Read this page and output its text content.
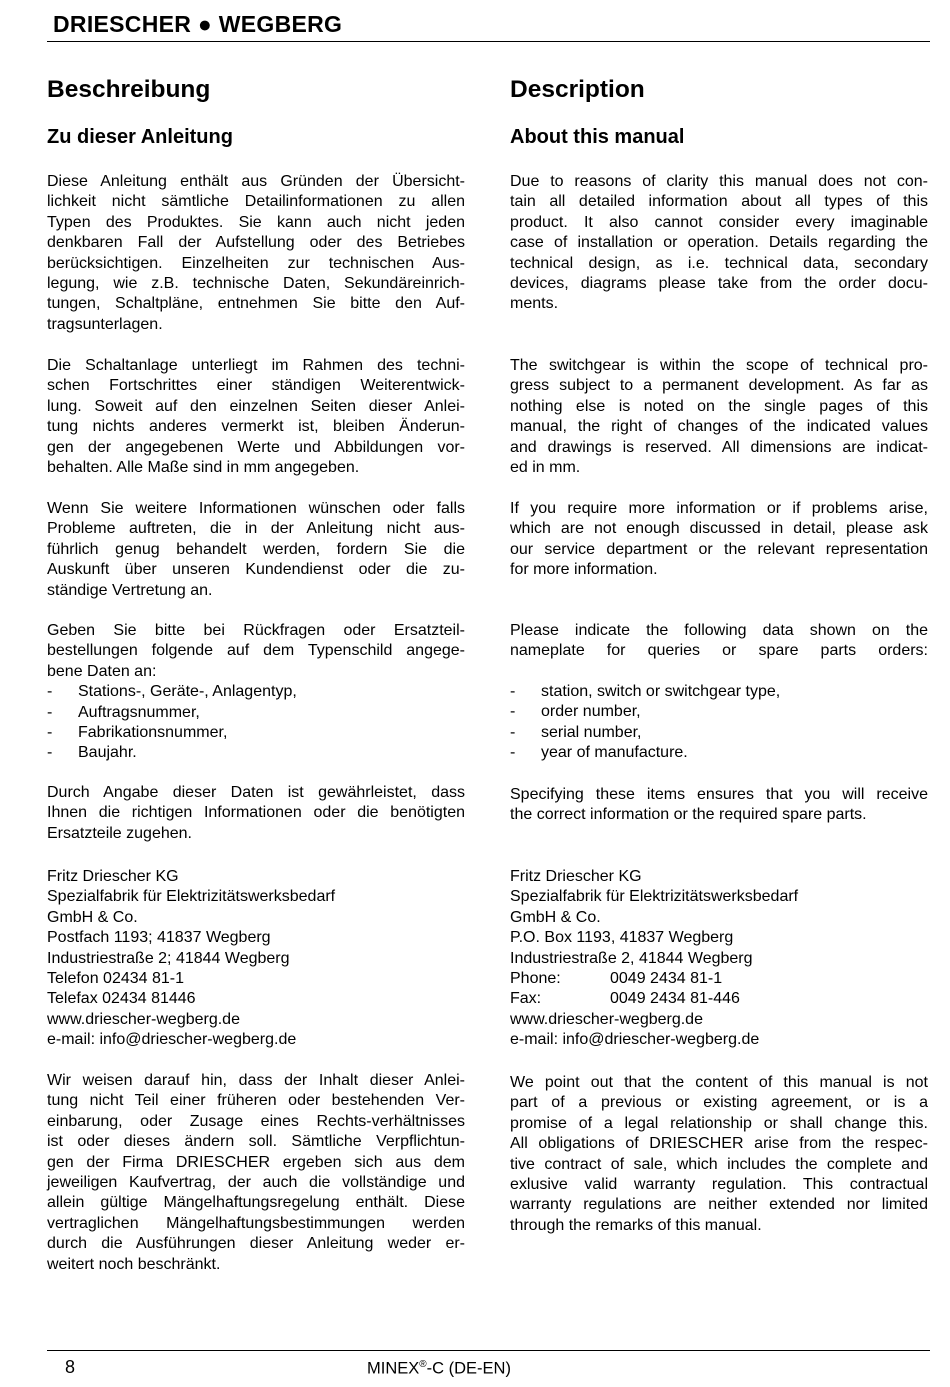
DRIESCHER ● WEGBERG
Beschreibung
Zu dieser Anleitung
Diese Anleitung enthält aus Gründen der Übersicht-
lichkeit nicht sämtliche Detailinformationen zu allen
Typen des Produktes. Sie kann auch nicht jeden
denkbaren Fall der Aufstellung oder des Betriebes
berücksichtigen. Einzelheiten zur technischen Aus-
legung, wie z.B. technische Daten, Sekundäreinrich-
tungen, Schaltpläne, entnehmen Sie bitte den Auf-
tragsunterlagen.
Die Schaltanlage unterliegt im Rahmen des techni-
schen Fortschrittes einer ständigen Weiterentwick-
lung. Soweit auf den einzelnen Seiten dieser Anlei-
tung nichts anderes vermerkt ist, bleiben Änderun-
gen der angegebenen Werte und Abbildungen vor-
behalten. Alle Maße sind in mm angegeben.
Wenn Sie weitere Informationen wünschen oder falls
Probleme auftreten, die in der Anleitung nicht aus-
führlich genug behandelt werden, fordern Sie die
Auskunft über unseren Kundendienst oder die zu-
ständige Vertretung an.
Geben Sie bitte bei Rückfragen oder Ersatzteil-
bestellungen folgende auf dem Typenschild angege-
bene Daten an:
- Stations-, Geräte-, Anlagentyp,
- Auftragsnummer,
- Fabrikationsnummer,
- Baujahr.
Durch Angabe dieser Daten ist gewährleistet, dass
Ihnen die richtigen Informationen oder die benötigten
Ersatzteile zugehen.
Fritz Driescher KG
Spezialfabrik für Elektrizitätswerksbedarf
GmbH & Co.
Postfach 1193; 41837 Wegberg
Industriestraße 2; 41844 Wegberg
Telefon 02434 81-1
Telefax 02434 81446
www.driescher-wegberg.de
e-mail: info@driescher-wegberg.de
Wir weisen darauf hin, dass der Inhalt dieser Anlei-
tung nicht Teil einer früheren oder bestehenden Ver-
einbarung, oder Zusage eines Rechts-verhältnisses
ist oder dieses ändern soll. Sämtliche Verpflichtun-
gen der Firma DRIESCHER ergeben sich aus dem
jeweiligen Kaufvertrag, der auch die vollständige und
allein gültige Mängelhaftungsregelung enthält. Diese
vertraglichen Mängelhaftungsbestimmungen werden
durch die Ausführungen dieser Anleitung weder er-
weitert noch beschränkt.
Description
About this manual
Due to reasons of clarity this manual does not con-
tain all detailed information about all types of this
product. It also cannot consider every imaginable
case of installation or operation. Details regarding the
technical design, as i.e. technical data, secondary
devices, diagrams please take from the order docu-
ments.
The switchgear is within the scope of technical pro-
gress subject to a permanent development. As far as
nothing else is noted on the single pages of this
manual, the right of changes of the indicated values
and drawings is reserved. All dimensions are indicat-
ed in mm.
If you require more information or if problems arise,
which are not enough discussed in detail, please ask
our service department or the relevant representation
for more information.
Please indicate the following data shown on the
nameplate for queries or spare parts orders:
- station, switch or switchgear type,
- order number,
- serial number,
- year of manufacture.
Specifying these items ensures that you will receive
the correct information or the required spare parts.
Fritz Driescher KG
Spezialfabrik für Elektrizitätswerksbedarf
GmbH & Co.
P.O. Box 1193, 41837 Wegberg
Industriestraße 2, 41844 Wegberg
Phone:	0049 2434 81-1
Fax:	0049 2434 81-446
www.driescher-wegberg.de
e-mail: info@driescher-wegberg.de
We point out that the content of this manual is not
part of a previous or existing agreement, or is a
promise of a legal relationship or shall change this.
All obligations of DRIESCHER arise from the respec-
tive contract of sale, which includes the complete and
exlusive valid warranty regulation. This contractual
warranty regulations are neither extended nor limited
through the remarks of this manual.
8	MINEX®-C (DE-EN)
